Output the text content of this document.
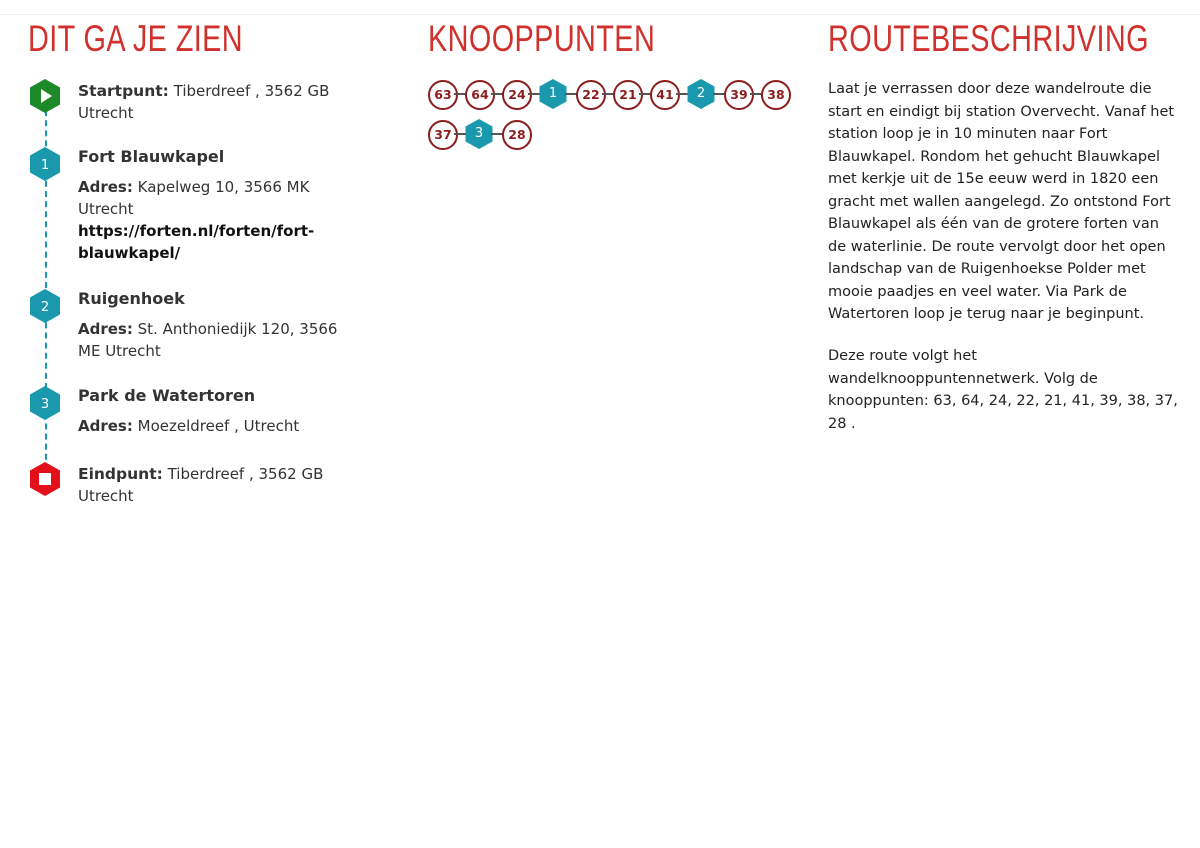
DIT GA JE ZIEN
Startpunt: Tiberdreef , 3562 GB Utrecht
1 Fort Blauwkapel
Adres: Kapelweg 10, 3566 MK Utrecht
https://forten.nl/forten/fort-blauwkapel/
2 Ruigenhoek
Adres: St. Anthoniedijk 120, 3566 ME Utrecht
3 Park de Watertoren
Adres: Moezeldreef , Utrecht
Eindpunt: Tiberdreef , 3562 GB Utrecht
KNOOPPUNTEN
63	64	24	1	22	21	41	2	39	38
37	3	28
ROUTEBESCHRIJVING

Laat je verrassen door deze wandelroute die start en eindigt bij station Overvecht. Vanaf het station loop je in 10 minuten naar Fort Blauwkapel. Rondom het gehucht Blauwkapel met kerkje uit de 15e eeuw werd in 1820 een gracht met wallen aangelegd. Zo ontstond Fort Blauwkapel als één van de grotere forten van de waterlinie. De route vervolgt door het open landschap van de Ruigenhoekse Polder met mooie paadjes en veel water. Via Park de Watertoren loop je terug naar je beginpunt.

Deze route volgt het wandelknooppuntennetwerk. Volg de knooppunten: 63, 64, 24, 22, 21, 41, 39, 38, 37, 28 .
